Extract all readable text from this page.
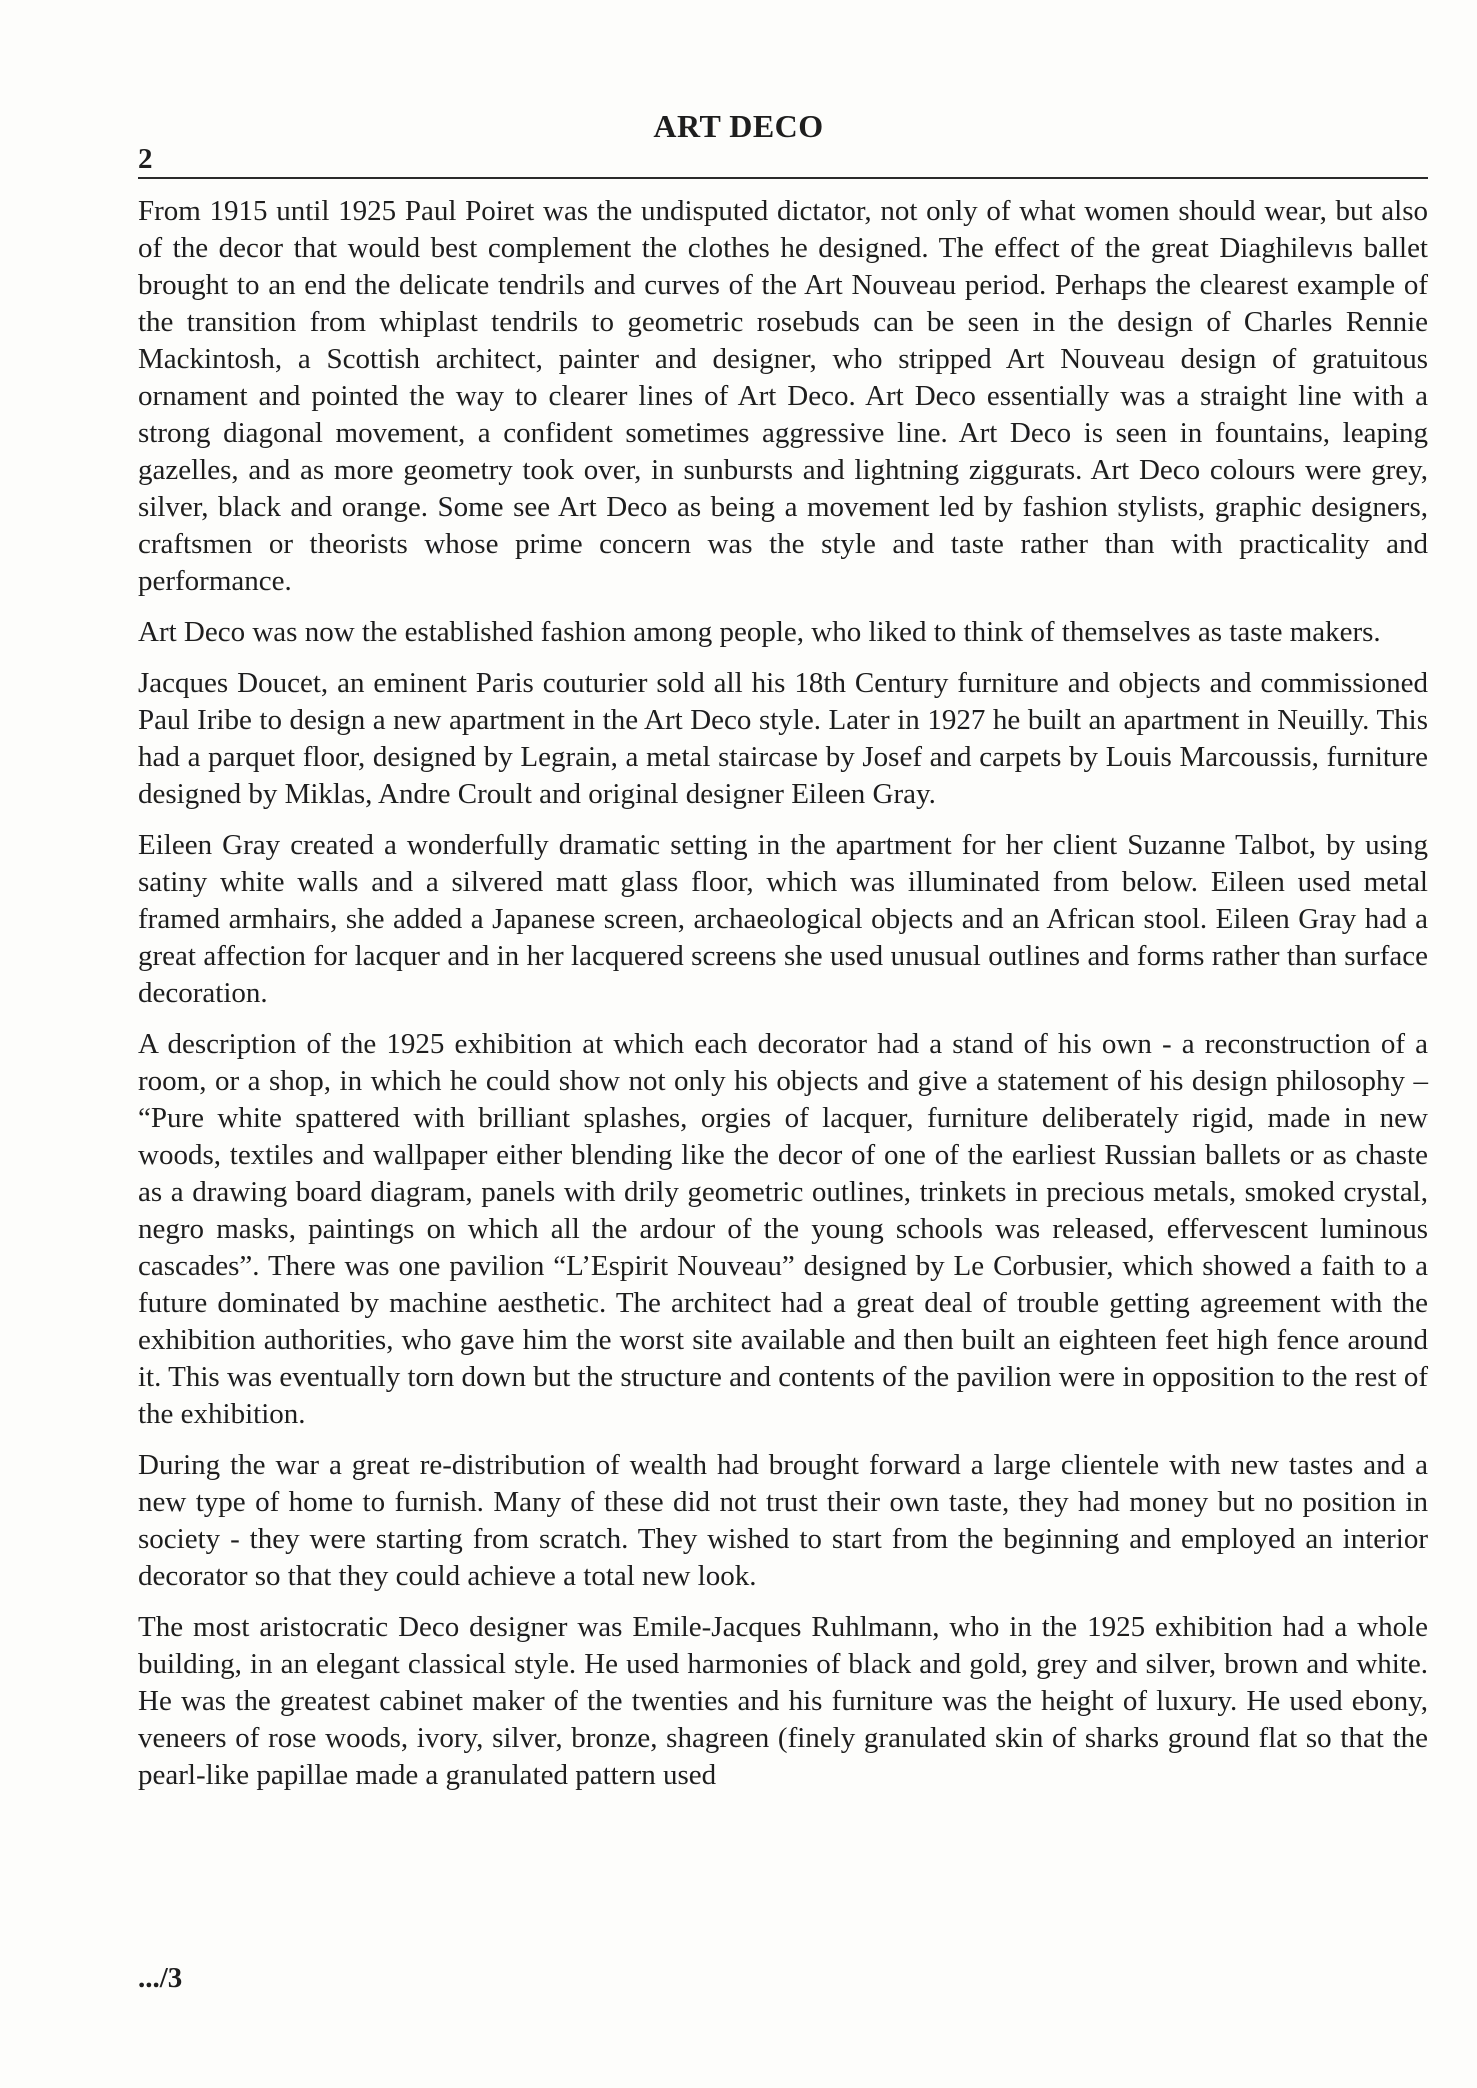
ART DECO
2

From 1915 until 1925 Paul Poiret was the undisputed dictator, not only of what women should wear, but also of the decor that would best complement the clothes he designed. The effect of the great Diaghilevıs ballet brought to an end the delicate tendrils and curves of the Art Nouveau period. Perhaps the clearest example of the transition from whiplast tendrils to geometric rosebuds can be seen in the design of Charles Rennie Mackintosh, a Scottish architect, painter and designer, who stripped Art Nouveau design of gratuitous ornament and pointed the way to clearer lines of Art Deco. Art Deco essentially was a straight line with a strong diagonal movement, a confident sometimes aggressive line. Art Deco is seen in fountains, leaping gazelles, and as more geometry took over, in sunbursts and lightning ziggurats. Art Deco colours were grey, silver, black and orange. Some see Art Deco as being a movement led by fashion stylists, graphic designers, craftsmen or theorists whose prime concern was the style and taste rather than with practicality and performance.

Art Deco was now the established fashion among people, who liked to think of themselves as taste makers.

Jacques Doucet, an eminent Paris couturier sold all his 18th Century furniture and objects and commissioned Paul Iribe to design a new apartment in the Art Deco style. Later in 1927 he built an apartment in Neuilly. This had a parquet floor, designed by Legrain, a metal staircase by Josef and carpets by Louis Marcoussis, furniture designed by Miklas, Andre Croult and original designer Eileen Gray.

Eileen Gray created a wonderfully dramatic setting in the apartment for her client Suzanne Talbot, by using satiny white walls and a silvered matt glass floor, which was illuminated from below. Eileen used metal framed armhairs, she added a Japanese screen, archaeological objects and an African stool. Eileen Gray had a great affection for lacquer and in her lacquered screens she used unusual outlines and forms rather than surface decoration.

A description of the 1925 exhibition at which each decorator had a stand of his own - a reconstruction of a room, or a shop, in which he could show not only his objects and give a statement of his design philosophy – “Pure white spattered with brilliant splashes, orgies of lacquer, furniture deliberately rigid, made in new woods, textiles and wallpaper either blending like the decor of one of the earliest Russian ballets or as chaste as a drawing board diagram, panels with drily geometric outlines, trinkets in precious metals, smoked crystal, negro masks, paintings on which all the ardour of the young schools was released, effervescent luminous cascades”. There was one pavilion “L’Espirit Nouveau” designed by Le Corbusier, which showed a faith to a future dominated by machine aesthetic. The architect had a great deal of trouble getting agreement with the exhibition authorities, who gave him the worst site available and then built an eighteen feet high fence around it. This was eventually torn down but the structure and contents of the pavilion were in opposition to the rest of the exhibition.

During the war a great re-distribution of wealth had brought forward a large clientele with new tastes and a new type of home to furnish. Many of these did not trust their own taste, they had money but no position in society - they were starting from scratch. They wished to start from the beginning and employed an interior decorator so that they could achieve a total new look.

The most aristocratic Deco designer was Emile-Jacques Ruhlmann, who in the 1925 exhibition had a whole building, in an elegant classical style. He used harmonies of black and gold, grey and silver, brown and white. He was the greatest cabinet maker of the twenties and his furniture was the height of luxury. He used ebony, veneers of rose woods, ivory, silver, bronze, shagreen (finely granulated skin of sharks ground flat so that the pearl-like papillae made a granulated pattern used

.../3
